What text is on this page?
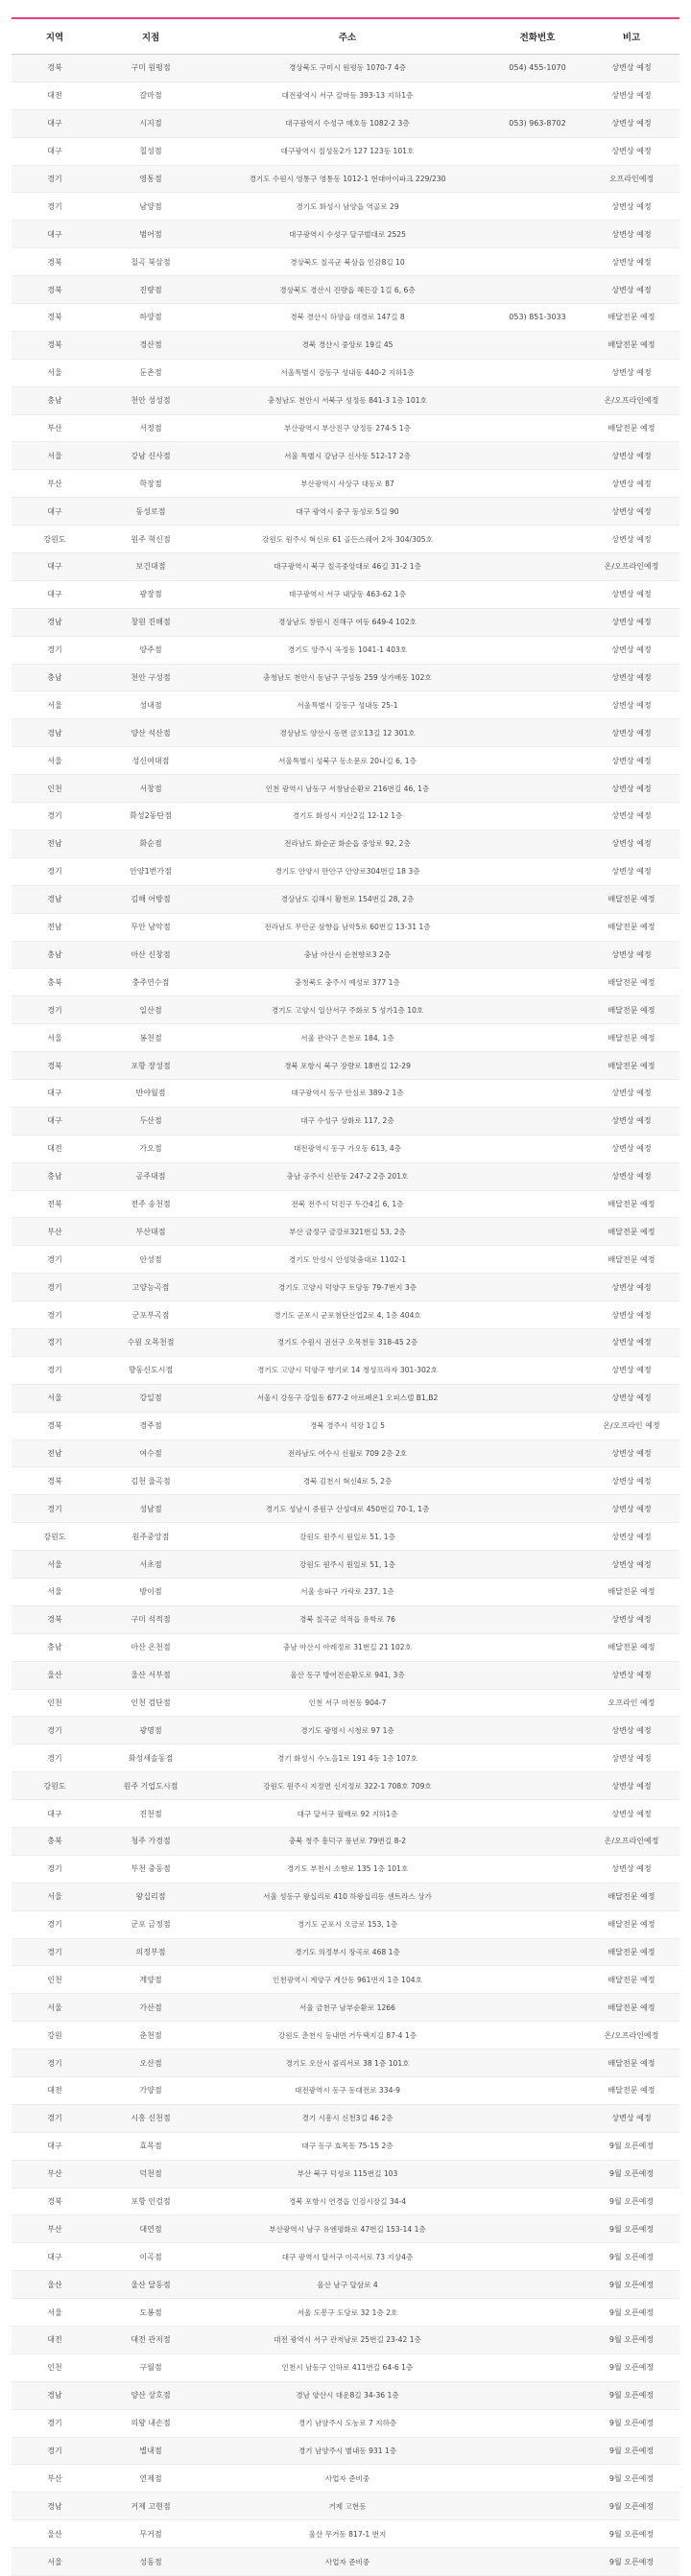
지역	지점	주소	전화번호	비고
경북	구미 원평점	경상북도 구미시 원평동 1070-7 4층	054) 455-1070	상변상 예정
대전	갈마점	대전광역시 서구 갈마동 393-13 지하1층		상변상 예정
대구	시지점	대구광역시 수성구 매호동 1082-2 3층	053) 963-8702	상변상 예정
대구	칠성점	대구광역시 칠성동2가 127 123동 101호		상변상 예정
경기	영통점	경기도 수원시 영통구 영통동 1012-1 현대아이파크 229/230		오프라인예정
경기	남양점	경기도 화성시 남양읍 역골로 29		상변상 예정
대구	범어점	대구광역시 수성구 달구벌대로 2525		상변상 예정
경북	칠곡 북삼점	경상북도 칠곡군 북삼읍 인감8길 10		상변상 예정
경북	진량점	경상북도 경산시 진량읍 해든강 1길 6, 6층		상변상 예정
경북	하양점	경북 경산시 하양읍 대경로 147길 8	053) 851-3033	배달전문 예정
경북	경산점	경북 경산시 중앙로 19길 45		배달전문 예정
서울	둔촌점	서울특별시 강동구 성내동 440-2 지하1층		상변상 예정
충남	천안 성성점	충청남도 천안시 서북구 성정동 841-3 1층 101호		온/오프라인예정
부산	서정점	부산광역시 부산진구 양정동 274-5 1층		배달전문 예정
서울	강남 신사점	서울 특별시 강남구 신사동 512-17 2층		상변상 예정
부산	학장점	부산광역시 사상구 대동로 87		상변상 예정
대구	동성로점	대구 광역시 중구 동성로 5길 90		상변상 예정
강원도	원주 혁신점	강원도 원주시 혁신로 61 골든스퀘어 2차 304/305호		상변상 예정
대구	보건대점	대구광역시 북구 칠곡중앙대로 46길 31-2 1층		온/오프라인예정
대구	광장점	대구광역시 서구 내당동 463-62 1층		상변상 예정
경남	창원 진해점	경상남도 창원시 진해구 여동 649-4 102호		상변상 예정
경기	양주점	경기도 양주시 옥정동 1041-1 403호		상변상 예정
충남	천안 구성점	충청남도 천안시 동남구 구성동 259 상가배동 102호		상변상 예정
서울	성내점	서울특별시 강동구 성내동 25-1		상변상 예정
경남	양산 석산점	경상남도 양산시 동면 금오13길 12 301호		상변상 예정
서울	성신여대점	서울특별시 성북구 동소문로 20나길 6, 1층		상변상 예정
인천	서창점	인천 광역시 남동구 서창남순환로 216번길 46, 1층		상변상 예정
경기	화성2동탄점	경기도 화성시 지산2길 12-12 1층		상변상 예정
전남	화순점	전라남도 화순군 화순읍 중앙로 92, 2층		상변상 예정
경기	안양1번가점	경기도 안양시 만안구 안양로304번길 18 3층		상변상 예정
경남	김해 어방점	경상남도 김해시 활천로 154번길 28, 2층		배달전문 예정
전남	무안 남악점	전라남도 무안군 삼향읍 남악5로 60번길 13-31 1층		배달전문 예정
충남	아산 신창점	충남 아산시 순천향로3 2층		상변상 예정
충북	충주연수점	충청북도 충주시 예성로 377 1층		배달전문 예정
경기	일산점	경기도 고양시 일산서구 주화로 5 성가1층 10호		배달전문 예정
서울	봉천점	서울 관악구 은천로 184, 1층		배달전문 예정
경북	포항 장성점	경북 포항시 북구 장량로 18번길 12-29		배달전문 예정
대구	반야월점	대구광역시 동구 안심로 389-2 1층		상변상 예정
대구	두산점	대구 수성구 상화로 117, 2층		상변상 예정
대전	가오점	대전광역시 동구 가오동 613, 4층		상변상 예정
충남	공주대점	충남 공주시 신관동 247-2 2층 201호		상변상 예정
전북	전주 송천점	전북 전주시 덕진구 두간4길 6, 1층		배달전문 예정
부산	부산대점	부산 금정구 금강로321번길 53, 2층		배달전문 예정
경기	안성점	경기도 안성시 안성맞춤대로 1102-1		배달전문 예정
경기	고양능곡점	경기도 고양시 덕양구 토당동 79-7번지 3층		상변상 예정
경기	군포부곡점	경기도 군포시 군포첨단산업2로 4, 1층 404호		상변상 예정
경기	수원 오목천점	경기도 수원시 권선구 오목천동 318-45 2층		상변상 예정
경기	향동신도시점	경기도 고양시 덕양구 향기로 14 청성프라자 301-302호		상변상 예정
서울	강일점	서울시 강동구 강일동 677-2 아르폐온1 오피스텔 B1,B2		상변상 예정
경북	경주점	경북 경주시 석장 1길 5		온/오프라인 예정
전남	여수점	전라남도 여수시 신월로 709 2층 2호		상변상 예정
경북	김천 율곡점	경북 김천시 혁신4로 5, 2층		상변상 예정
경기	성남점	경기도 성남시 중원구 산성대로 450번길 70-1, 1층		상변상 예정
강원도	원주중앙점	강원도 원주시 원일로 51, 1층		상변상 예정
서울	서초점	강원도 원주시 원일로 51, 1층		상변상 예정
서울	방이점	서울 송파구 가락로 237, 1층		배달전문 예정
경북	구미 석적점	경북 칠곡군 석적읍 유학로 76		상변상 예정
충남	아산 온천점	충남 아산시 아레정로 31번길 21 102호		배달전문 예정
울산	울산 서부점	울산 동구 방어진순환도로 941, 3층		상변상 예정
인천	인천 검단점	인천 서구 마전동 904-7		오프라인 예정
경기	광명점	경기도 광명시 시청로 97 1층		상변상 예정
경기	화성새솔동점	경기 화성시 수노을1로 191 4동 1층 107호		상변상 예정
강원도	원주 기업도시점	강원도 원주시 지정면 신지정로 322-1 708호 709호		상변상 예정
대구	진천점	대구 달서구 월배로 92 지하1층		상변상 예정
충북	청주 가경점	충북 청주 흥덕구 풍년로 79번길 8-2		온/오프라인예정
경기	부천 중동점	경기도 부천시 소향로 135 1층 101호		상변상 예정
서울	왕십리점	서울 성동구 왕십리로 410 하왕십리동 센트라스 상가		배달전문 예정
경기	군포 금정점	경기도 군포시 오금로 153, 1층		배달전문 예정
경기	의정부점	경기도 의정부시 장곡로 468 1층		배달전문 예정
인천	계양점	인천광역시 계양구 계산동 961번지 1층 104호		배달전문 예정
서울	가산점	서울 금천구 남부순환로 1266		배달전문 예정
강원	춘천점	강원도 춘천시 동내면 거두택지길 87-4 1층		온/오프라인예정
경기	오산점	경기도 오산시 콜리서로 38 1층 101호		배달전문 예정
대전	가양점	대전광역시 동구 동대전로 334-9		배달전문 예정
경기	시흥 신천점	경기 시흥시 신천3길 46 2층		상변상 예정
대구	효목점	대구 동구 효목동 75-15 2층		9월 오픈예정
부산	덕천점	부산 북구 덕성로 115번길 103		9월 오픈예정
경북	포항 인검점	경북 포항시 연경읍 인검시장길 34-4		9월 오픈예정
부산	대연점	부산광역시 남구 유엔평화로 47번길 153-14 1층		9월 오픈예정
대구	이곡점	대구 광역시 달서구 이곡서로 73 지상4층		9월 오픈예정
울산	울산 달동점	울산 남구 달삼로 4		9월 오픈예정
서울	도봉점	서울 도봉구 도당로 32 1층 2호		9월 오픈예정
대전	대전 관저점	대전 광역시 서구 관저남로 25번길 23-42 1층		9월 오픈예정
인천	구월점	인천시 남동구 인하로 411번길 64-6 1층		9월 오픈예정
경남	양산 상호점	경남 양산시 대운8길 34-36 1층		9월 오픈예정
경기	의왕 내손점	경기 남양주시 도농로 7 지하층		9월 오픈예정
경기	별내점	경기 남양주시 별내동 931 1층		9월 오픈예정
부산	연제점	사업자 준비중		9월 오픈예정
경남	거제 고현점	거제 고현동		9월 오픈예정
울산	무거점	울산 무거동 817-1 번지		9월 오픈예정
서울	성동점	사업자 준비중		9월 오픈예정
